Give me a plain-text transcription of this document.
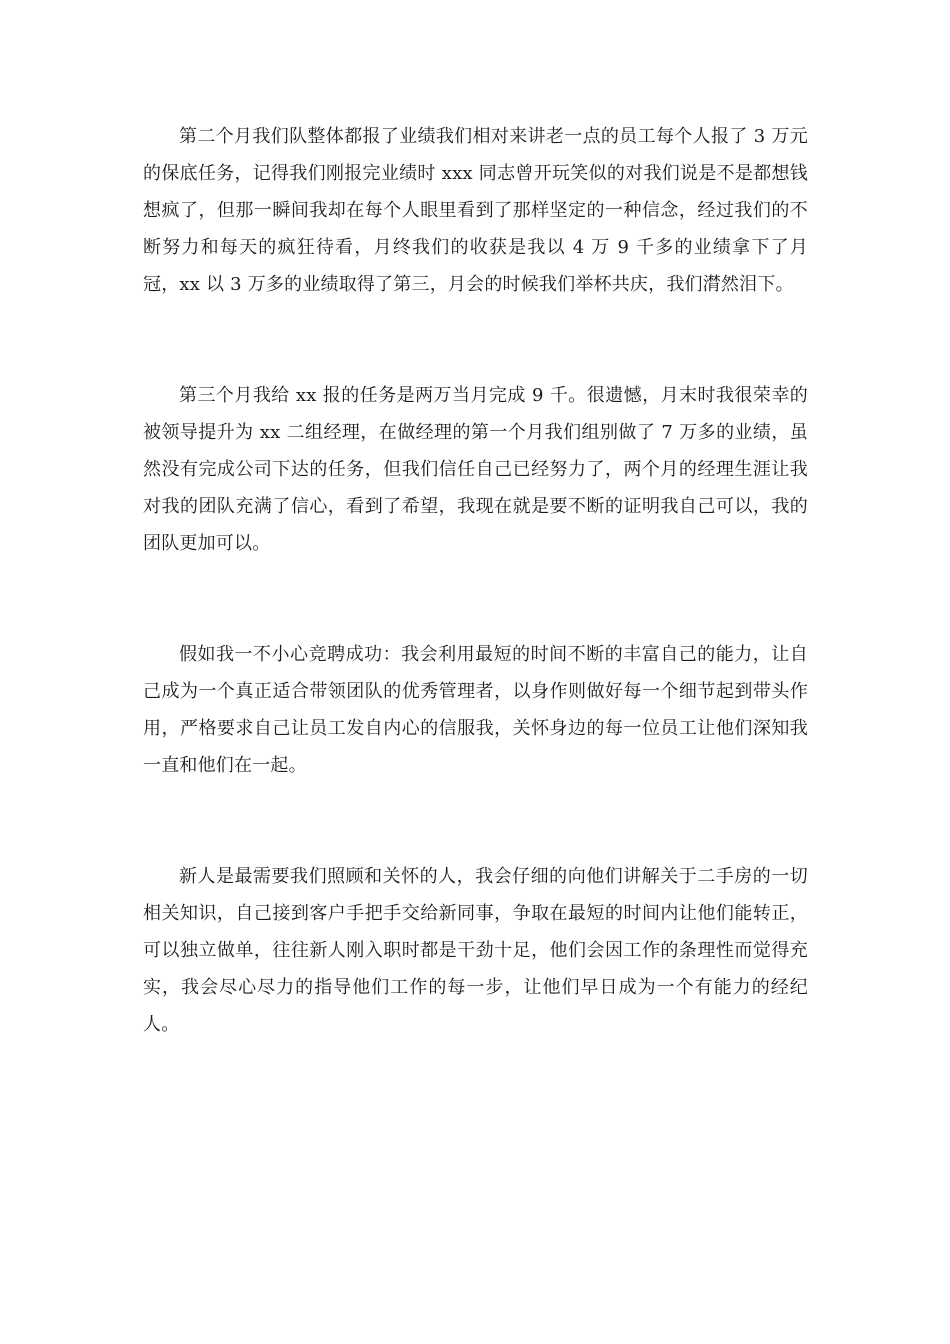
第二个月我们队整体都报了业绩我们相对来讲老一点的员工每个人报了 3 万元的保底任务，记得我们刚报完业绩时 xxx 同志曾开玩笑似的对我们说是不是都想钱想疯了，但那一瞬间我却在每个人眼里看到了那样坚定的一种信念，经过我们的不断努力和每天的疯狂待看，月终我们的收获是我以 4 万 9 千多的业绩拿下了月冠，xx 以 3 万多的业绩取得了第三，月会的时候我们举杯共庆，我们潸然泪下。

第三个月我给 xx 报的任务是两万当月完成 9 千。很遗憾，月末时我很荣幸的被领导提升为 xx 二组经理，在做经理的第一个月我们组别做了 7 万多的业绩，虽然没有完成公司下达的任务，但我们信任自己已经努力了，两个月的经理生涯让我对我的团队充满了信心，看到了希望，我现在就是要不断的证明我自己可以，我的团队更加可以。

假如我一不小心竞聘成功：我会利用最短的时间不断的丰富自己的能力，让自己成为一个真正适合带领团队的优秀管理者，以身作则做好每一个细节起到带头作用，严格要求自己让员工发自内心的信服我，关怀身边的每一位员工让他们深知我一直和他们在一起。

新人是最需要我们照顾和关怀的人，我会仔细的向他们讲解关于二手房的一切相关知识，自己接到客户手把手交给新同事，争取在最短的时间内让他们能转正，可以独立做单，往往新人刚入职时都是干劲十足，他们会因工作的条理性而觉得充实，我会尽心尽力的指导他们工作的每一步，让他们早日成为一个有能力的经纪人。
